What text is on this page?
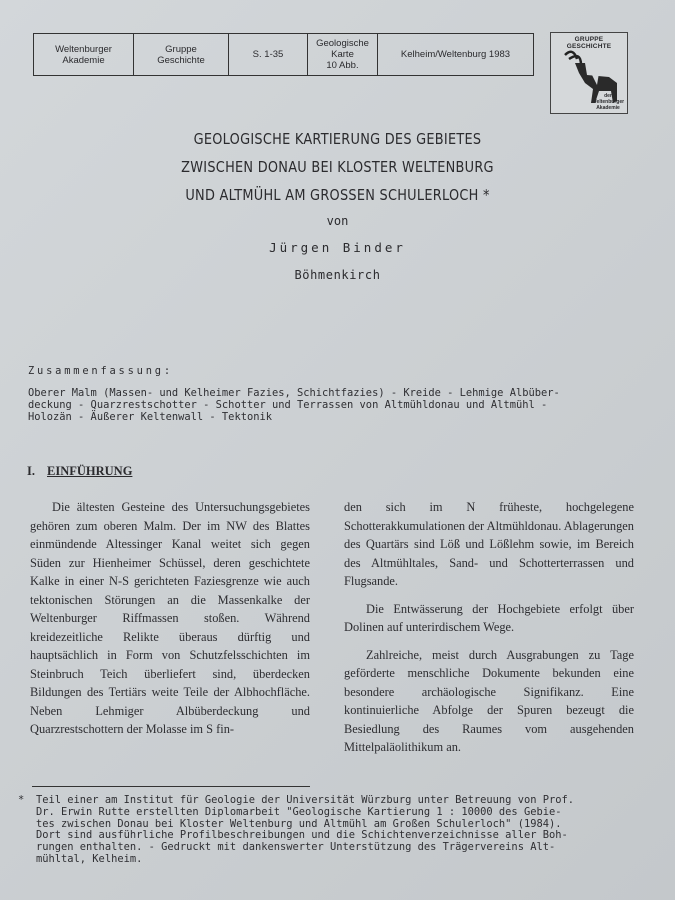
Weltenburger
Akademie
Gruppe
Geschichte	S. 1-35
Geologische
Karte
10 Abb.
Kelheim/Weltenburg 1983
GRUPPE
GESCHICHTE
der
Weltenburger
Akademie
GEOLOGISCHE KARTIERUNG DES GEBIETES
ZWISCHEN DONAU BEI KLOSTER WELTENBURG
UND ALTMÜHL AM GROSSEN SCHULERLOCH *
von
Jürgen Binder
Böhmenkirch
Zusammenfassung:
Oberer Malm (Massen- und Kelheimer Fazies, Schichtfazies) - Kreide - Lehmige Albüber-
deckung - Quarzrestschotter - Schotter und Terrassen von Altmühldonau und Altmühl -
Holozän - Äußerer Keltenwall - Tektonik
I. EINFÜHRUNG

Die ältesten Gesteine des Untersuchungsgebietes gehören zum oberen Malm. Der im NW des Blattes einmündende Altessinger Kanal weitet sich gegen Süden zur Hienheimer Schüssel, deren geschichtete Kalke in einer N-S gerichteten Faziesgrenze wie auch tektonischen Störungen an die Massenkalke der Weltenburger Riffmassen stoßen. Während kreidezeitliche Relikte überaus dürftig und hauptsächlich in Form von Schutzfelsschichten im Steinbruch Teich überliefert sind, überdecken Bildungen des Tertiärs weite Teile der Albhochfläche. Neben Lehmiger Albüberdeckung und Quarzrestschottern der Molasse im S fin-

den sich im N früheste, hochgelegene Schotterakkumulationen der Altmühldonau. Ablagerungen des Quartärs sind Löß und Lößlehm sowie, im Bereich des Altmühltales, Sand- und Schotterterrassen und Flugsande.

Die Entwässerung der Hochgebiete erfolgt über Dolinen auf unterirdischem Wege.

Zahlreiche, meist durch Ausgrabungen zu Tage geförderte menschliche Dokumente bekunden eine besondere archäologische Signifikanz. Eine kontinuierliche Abfolge der Spuren bezeugt die Besiedlung des Raumes vom ausgehenden Mittelpaläolithikum an.

* Teil einer am Institut für Geologie der Universität Würzburg unter Betreuung von Prof.
Dr. Erwin Rutte erstellten Diplomarbeit "Geologische Kartierung 1 : 10000 des Gebie-
tes zwischen Donau bei Kloster Weltenburg und Altmühl am Großen Schulerloch" (1984).
Dort sind ausführliche Profilbeschreibungen und die Schichtenverzeichnisse aller Boh-
rungen enthalten. - Gedruckt mit dankenswerter Unterstützung des Trägervereins Alt-
mühltal, Kelheim.
